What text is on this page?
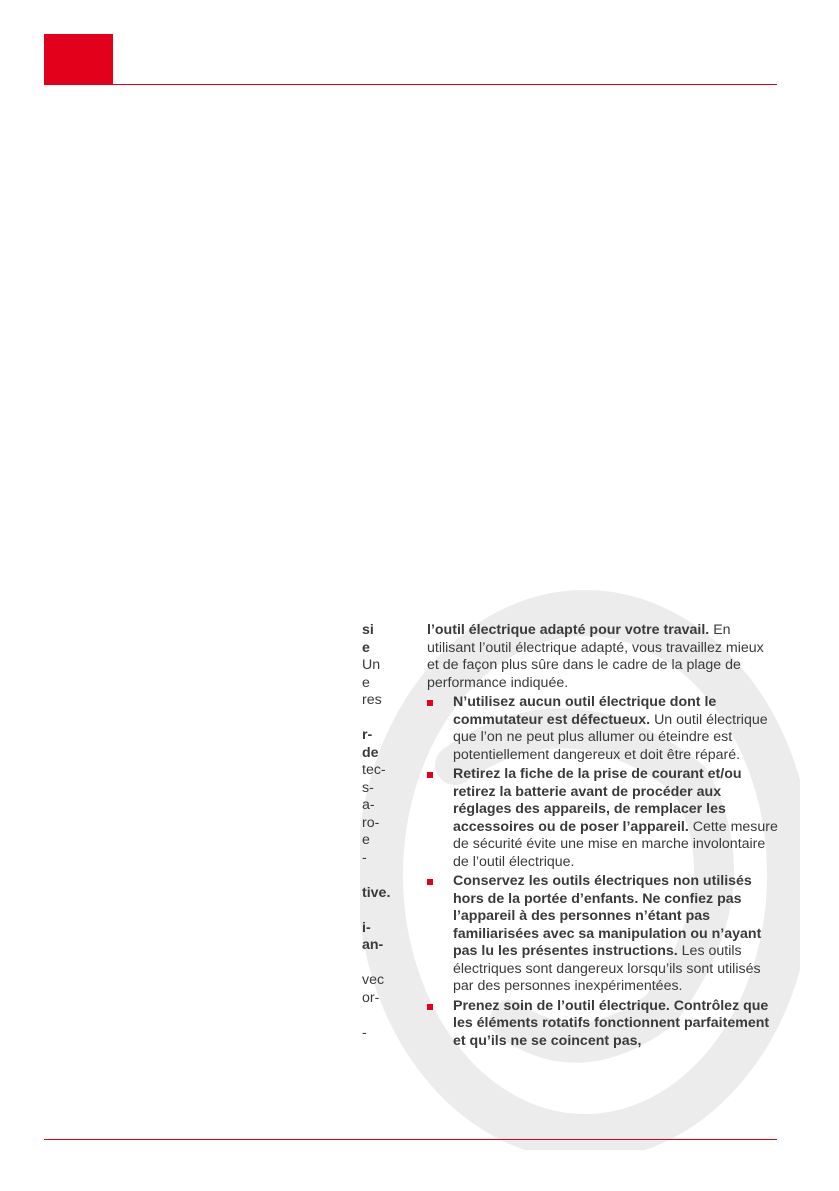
si
e
Un
e
res
r-
de
tec-
s-
a-
ro-
e
-
tive.
i-
an-
vec
or-
-

l’outil électrique adapté pour votre travail. En utilisant l’outil électrique adapté, vous travaillez mieux et de façon plus sûre dans le cadre de la plage de performance indiquée.

N’utilisez aucun outil électrique dont le commutateur est défectueux. Un outil électrique que l’on ne peut plus allumer ou éteindre est potentiellement dangereux et doit être réparé.

Retirez la fiche de la prise de courant et/ou retirez la batterie avant de procéder aux réglages des appareils, de remplacer les accessoires ou de poser l’appareil. Cette mesure de sécurité évite une mise en marche involontaire de l’outil électrique.

Conservez les outils électriques non utilisés hors de la portée d’enfants. Ne confiez pas l’appareil à des personnes n’étant pas familiarisées avec sa manipulation ou n’ayant pas lu les présentes instructions. Les outils électriques sont dangereux lorsqu’ils sont utilisés par des personnes inexpérimentées.

Prenez soin de l’outil électrique. Contrôlez que les éléments rotatifs fonctionnent parfaitement et qu’ils ne se coincent pas,
